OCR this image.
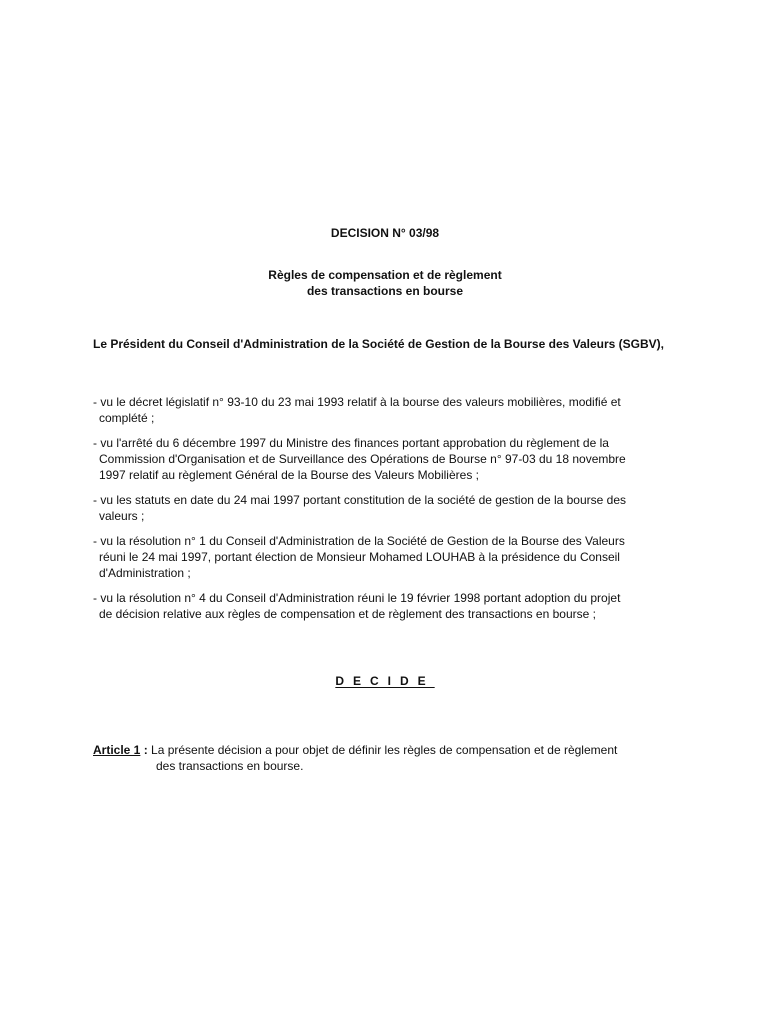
DECISION N° 03/98
Règles de compensation et de règlement
des transactions en bourse
Le Président du Conseil d'Administration de la Société de Gestion de la Bourse des Valeurs (SGBV),
- vu le décret législatif n° 93-10 du 23 mai 1993 relatif à la bourse des valeurs mobilières, modifié et
complété ;
- vu l'arrêté du 6 décembre 1997 du Ministre des finances portant approbation du règlement de la
Commission d'Organisation et de Surveillance des Opérations de Bourse n° 97-03 du 18 novembre
1997 relatif au règlement Général de la Bourse des Valeurs Mobilières ;
- vu les statuts en date du 24 mai 1997 portant constitution de la société de gestion de la bourse des
valeurs ;
- vu la résolution n° 1 du Conseil d'Administration de la Société de Gestion de la Bourse des Valeurs
réuni le 24 mai 1997, portant élection de Monsieur Mohamed LOUHAB à la présidence du Conseil
d'Administration ;
- vu la résolution n° 4 du Conseil d'Administration réuni le 19 février 1998 portant adoption du projet
de décision relative aux règles de compensation et de règlement des transactions en bourse ;
DECIDE
Article 1 : La présente décision a pour objet de définir les règles de compensation et de règlement
des transactions en bourse.
